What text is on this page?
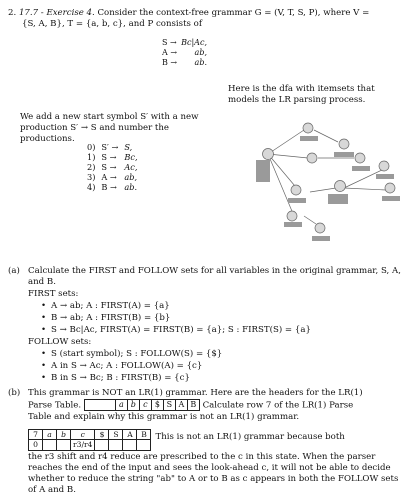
2. 17.7 - Exercise 4. Consider the context-free grammar G = (V, T, S, P), where V =
{S, A, B}, T = {a, b, c}, and P consists of
S →	Bc|Ac,
A →	ab,
B →	ab.
Here is the dfa with itemsets that models the LR parsing process.
We add a new start symbol S′ with a new production S′ → S and number the productions.
0)	S′ →	S,
1)	S →	Bc,
2)	S →	Ac,
3)	A →	ab,
4)	B →	ab.
(a) Calculate the FIRST and FOLLOW sets for all variables in the original grammar, S, A, and B.
FIRST sets:
• A → ab; A : FIRST(A) = {a}
• B → ab; A : FIRST(B) = {b}
• S → Bc|Ac, FIRST(A) = FIRST(B) = {a}; S : FIRST(S) = {a}
FOLLOW sets:
• S (start symbol); S : FOLLOW(S) = {$}
• A in S → Ac; A : FOLLOW(A) = {c}
• B in S → Bc; B : FIRST(B) = {c}
(b) This grammar is NOT an LR(1) grammar. Here are the headers for the LR(1)
Parse Table.		a	b	c	$	S	A	B Calculate row 7 of the LR(1) Parse
Table and explain why this grammar is not an LR(1) grammar.
7	a	b	c	$	S	A	B
0			r3/r4				
This is not an LR(1) grammar because both
the r3 shift and r4 reduce are prescribed to the c in this state. When the parser reaches the end of the input and sees the look-ahead c, it will not be able to decide whether to reduce the string "ab" to A or to B as c appears in both the FOLLOW sets of A and B.
